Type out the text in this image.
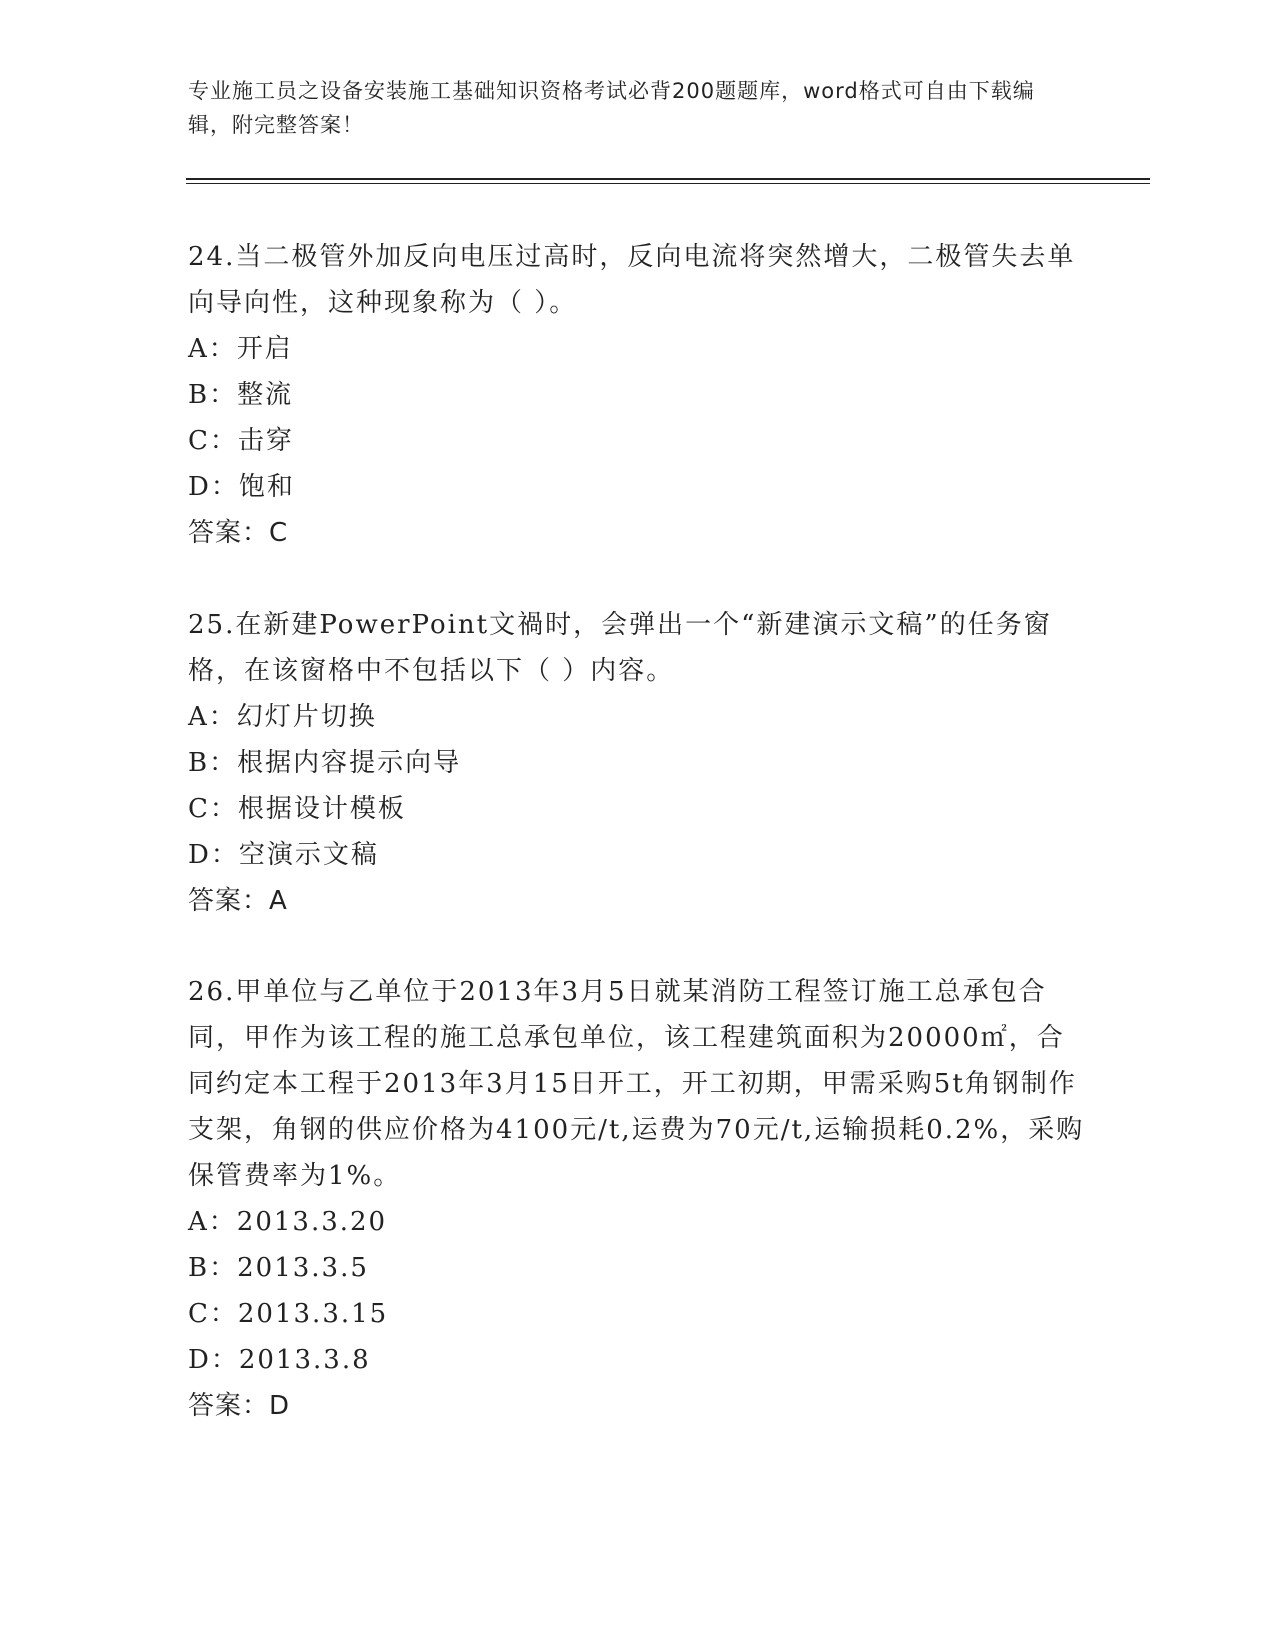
专业施工员之设备安装施工基础知识资格考试必背200题题库，word格式可自由下载编辑，附完整答案！

24.当二极管外加反向电压过高时，反向电流将突然增大，二极管失去单向导向性，这种现象称为（ ）。

A：开启

B：整流

C：击穿

D：饱和

答案：C

25.在新建PowerPoint文禍时，会弹出一个“新建演示文稿”的任务窗格，在该窗格中不包括以下（ ）内容。

A：幻灯片切换

B：根据内容提示向导

C：根据设计模板

D：空演示文稿

答案：A

26.甲单位与乙单位于2013年3月5日就某消防工程签订施工总承包合同，甲作为该工程的施工总承包单位，该工程建筑面积为20000㎡，合同约定本工程于2013年3月15日开工，开工初期，甲需采购5t角钢制作支架，角钢的供应价格为4100元/t,运费为70元/t,运输损耗0.2%，采购保管费率为1%。

A：2013.3.20

B：2013.3.5

C：2013.3.15

D：2013.3.8

答案：D
